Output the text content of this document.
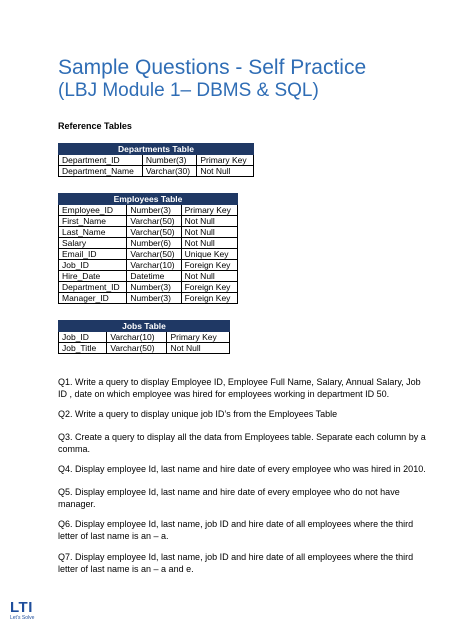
Sample Questions - Self Practice
(LBJ Module 1– DBMS & SQL)
Reference Tables
Departments Table		
Department_ID	Number(3)	Primary Key
Department_Name	Varchar(30)	Not Null
Employees Table		
Employee_ID	Number(3)	Primary Key
First_Name	Varchar(50)	Not Null
Last_Name	Varchar(50)	Not Null
Salary	Number(6)	Not Null
Email_ID	Varchar(50)	Unique Key
Job_ID	Varchar(10)	Foreign Key
Hire_Date	Datetime	Not Null
Department_ID	Number(3)	Foreign Key
Manager_ID	Number(3)	Foreign Key
Jobs Table		
Job_ID	Varchar(10)	Primary Key
Job_Title	Varchar(50)	Not Null

Q1. Write a query to display Employee ID, Employee Full Name, Salary, Annual Salary, Job ID , date on which employee was hired for employees working in department ID 50.

Q2. Write a query to display unique job ID’s from the Employees Table

Q3. Create a query to display all the data from Employees table. Separate each column by a comma.

Q4. Display employee Id, last name and hire date of every employee who was hired in 2010.

Q5. Display employee Id, last name and hire date of every employee who do not have manager.

Q6. Display employee Id, last name, job ID and hire date of all employees where the third letter of last name is an – a.

Q7. Display employee Id, last name, job ID and hire date of all employees where the third letter of last name is an – a and e.

LTI
Let’s Solve
